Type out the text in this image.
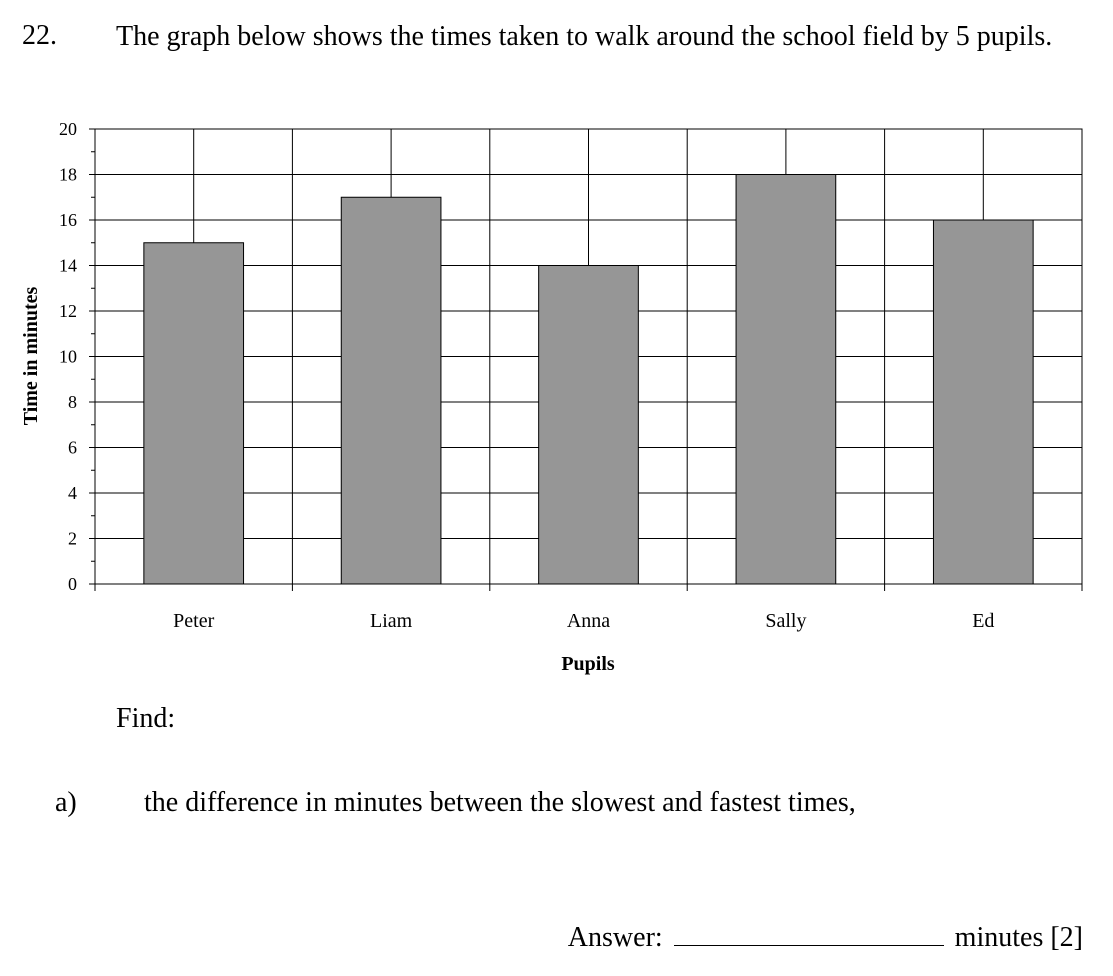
22. The graph below shows the times taken to walk around the school field by 5 pupils.
0
2
4
6
8
10
12
14
16
18
20
Peter	Liam	Anna	Sally	Ed
Pupils
Time in minutes
Find:
a) the difference in minutes between the slowest and fastest times,
Answer:	minutes [2]
